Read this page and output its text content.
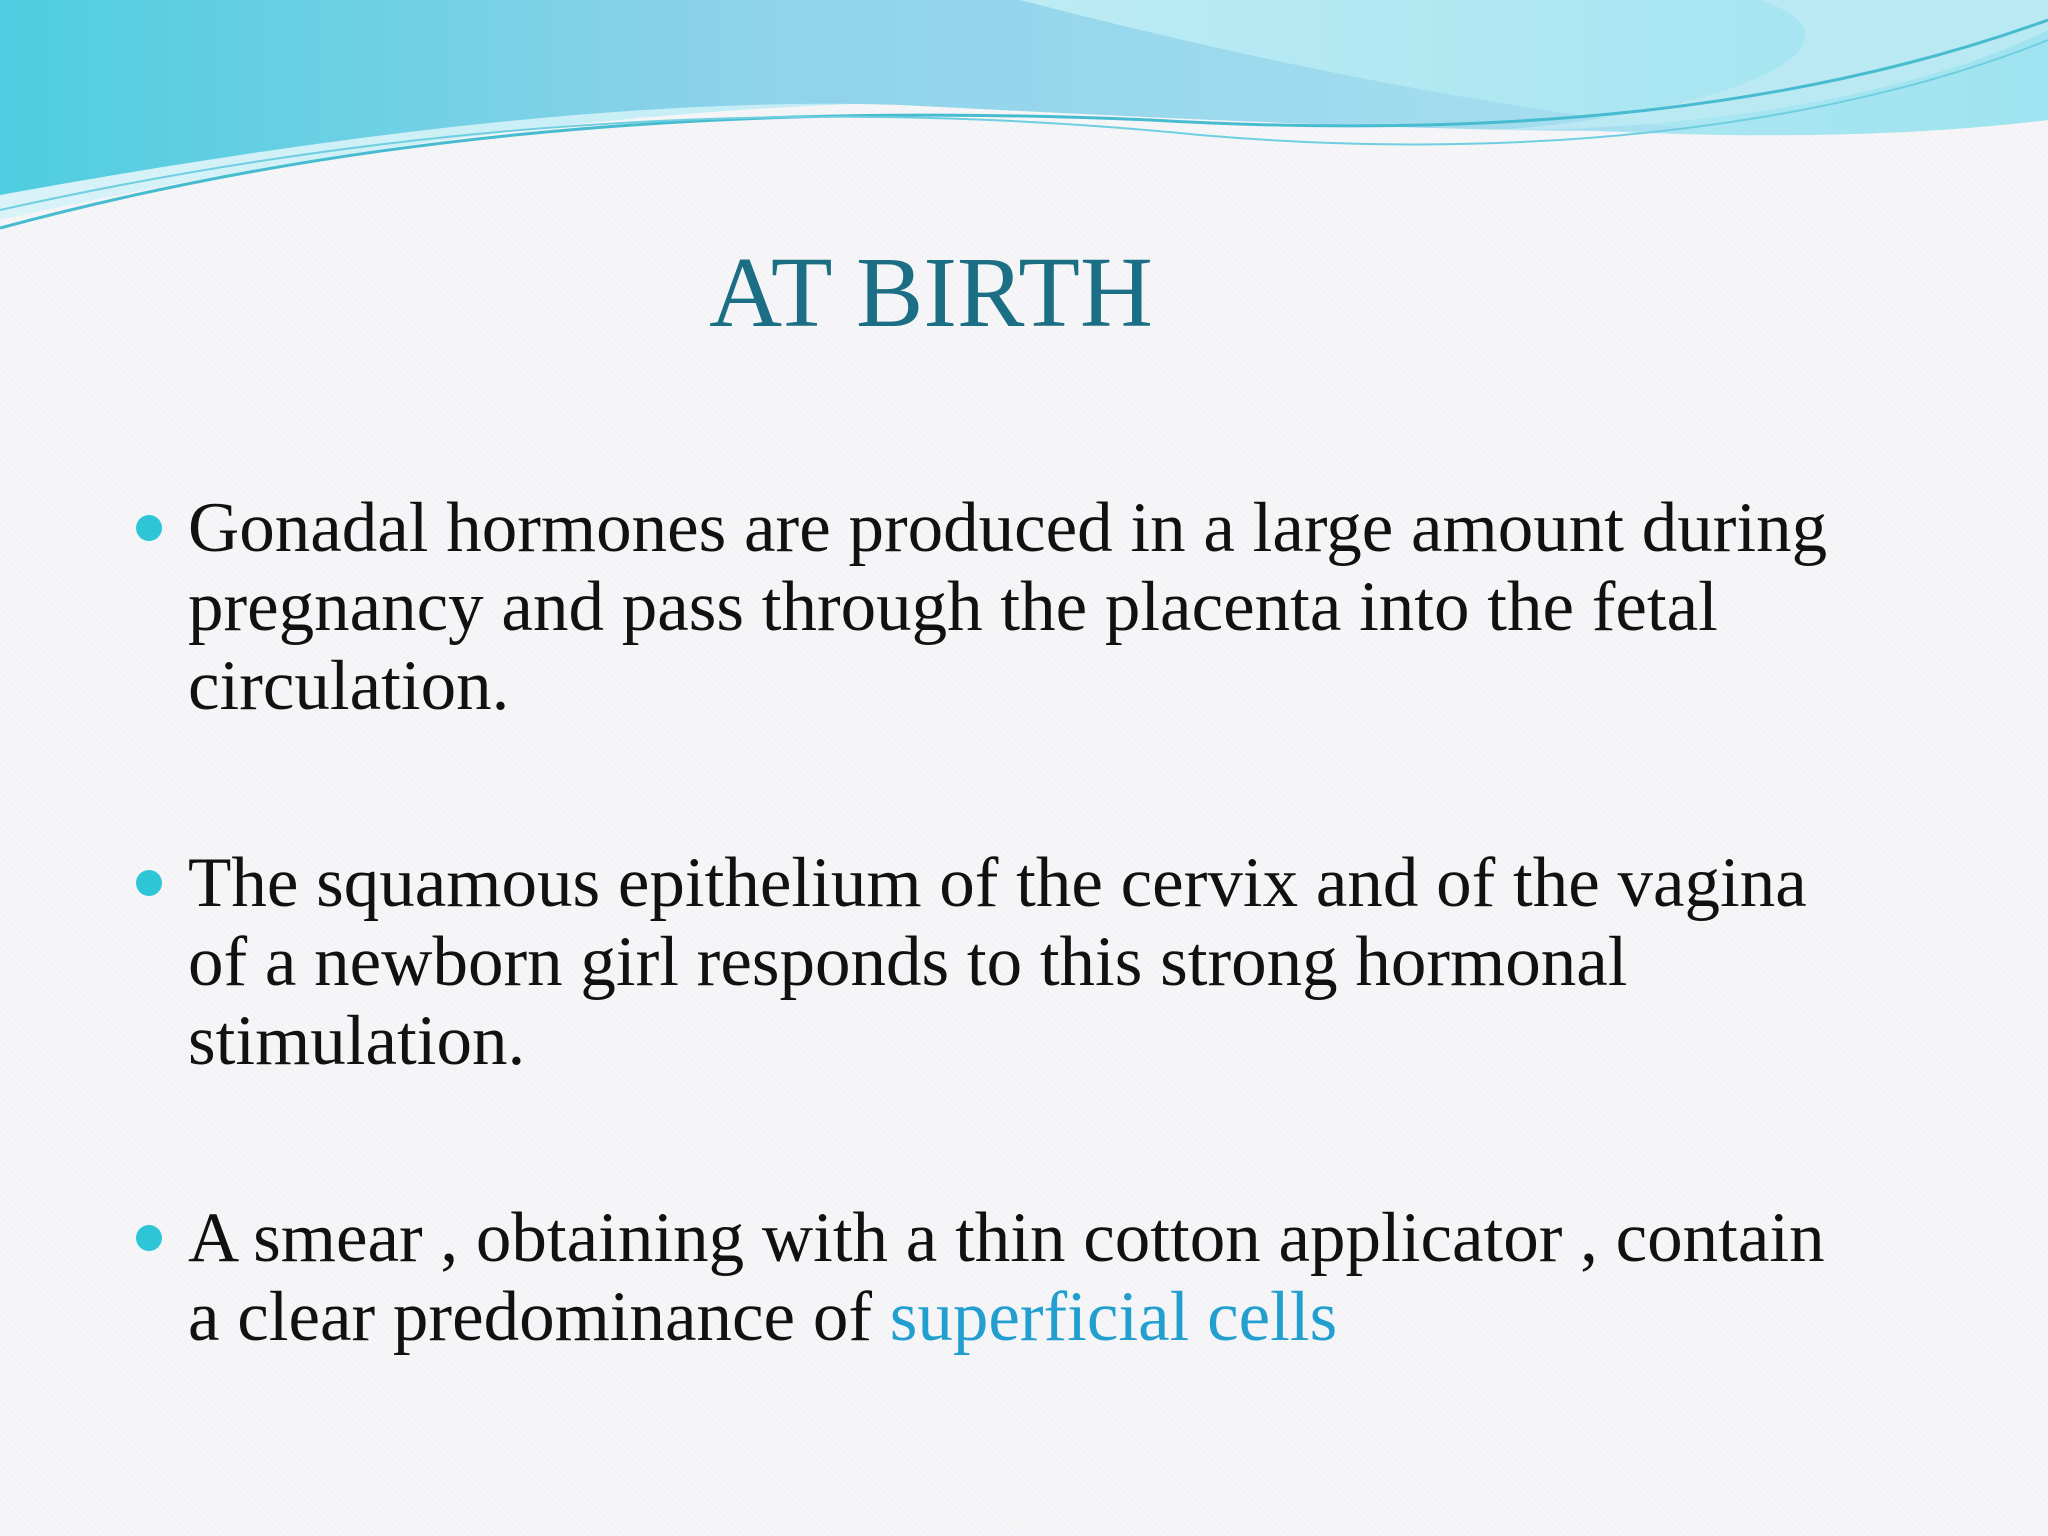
AT BIRTH
Gonadal hormones are produced in a large amount during
pregnancy and pass through the placenta into the fetal
circulation.
The squamous epithelium of the cervix and of the vagina
of a newborn girl responds to this strong hormonal
stimulation.
A smear , obtaining with a thin cotton applicator , contain
a clear predominance of superficial cells
